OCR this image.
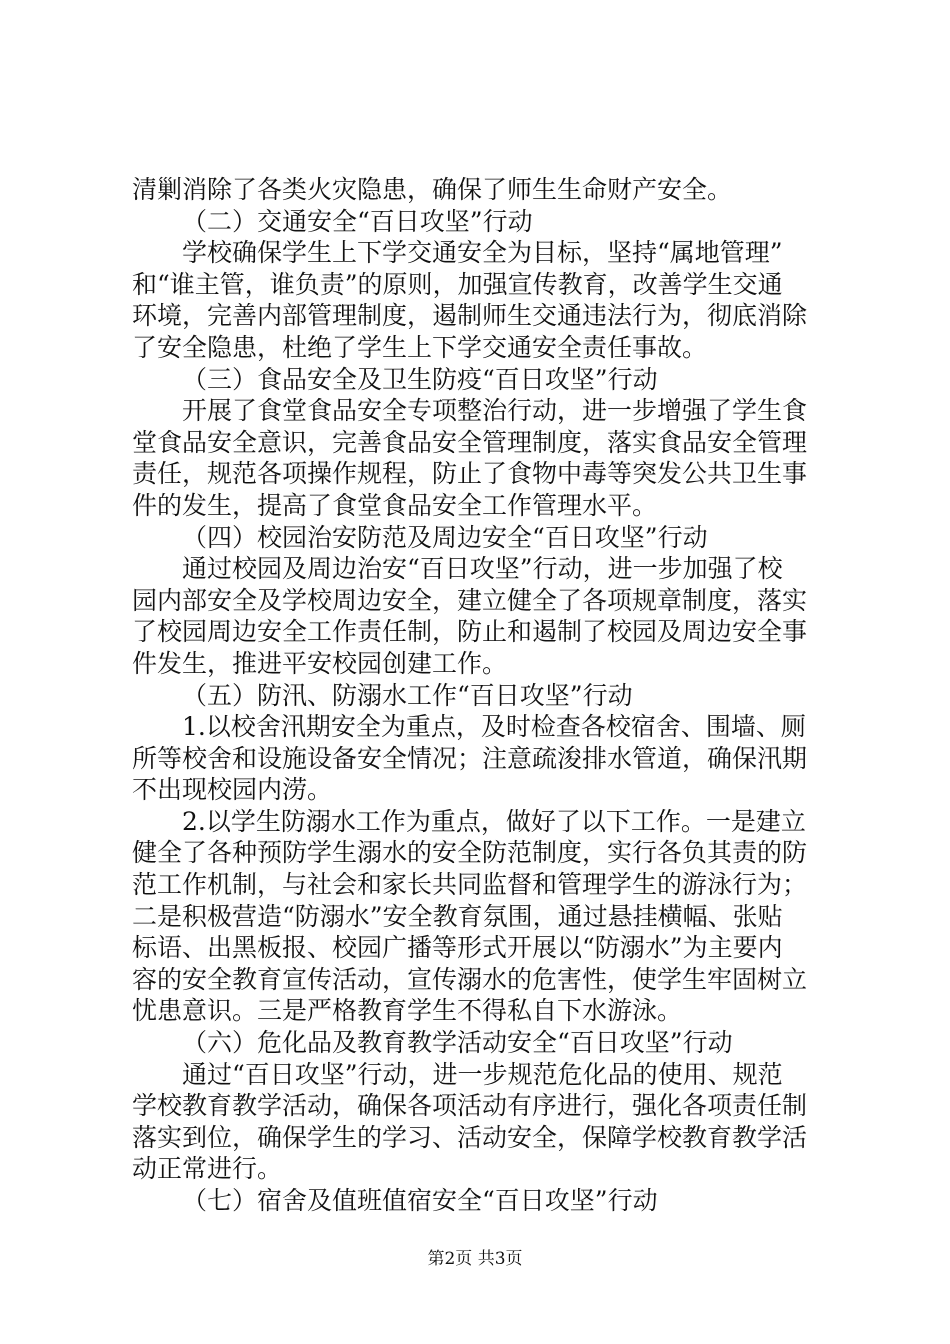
清剿消除了各类火灾隐患，确保了师生生命财产安全。
（二）交通安全“百日攻坚”行动
学校确保学生上下学交通安全为目标，坚持“属地管理”
和“谁主管，谁负责”的原则，加强宣传教育，改善学生交通
环境，完善内部管理制度，遏制师生交通违法行为，彻底消除
了安全隐患，杜绝了学生上下学交通安全责任事故。
（三）食品安全及卫生防疫“百日攻坚”行动
开展了食堂食品安全专项整治行动，进一步增强了学生食
堂食品安全意识，完善食品安全管理制度，落实食品安全管理
责任，规范各项操作规程，防止了食物中毒等突发公共卫生事
件的发生，提高了食堂食品安全工作管理水平。
（四）校园治安防范及周边安全“百日攻坚”行动
通过校园及周边治安“百日攻坚”行动，进一步加强了校
园内部安全及学校周边安全，建立健全了各项规章制度，落实
了校园周边安全工作责任制，防止和遏制了校园及周边安全事
件发生，推进平安校园创建工作。
（五）防汛、防溺水工作“百日攻坚”行动
1.以校舍汛期安全为重点，及时检查各校宿舍、围墙、厕
所等校舍和设施设备安全情况；注意疏浚排水管道，确保汛期
不出现校园内涝。
2.以学生防溺水工作为重点，做好了以下工作。一是建立
健全了各种预防学生溺水的安全防范制度，实行各负其责的防
范工作机制，与社会和家长共同监督和管理学生的游泳行为；
二是积极营造“防溺水”安全教育氛围，通过悬挂横幅、张贴
标语、出黑板报、校园广播等形式开展以“防溺水”为主要内
容的安全教育宣传活动，宣传溺水的危害性，使学生牢固树立
忧患意识。三是严格教育学生不得私自下水游泳。
（六）危化品及教育教学活动安全“百日攻坚”行动
通过“百日攻坚”行动，进一步规范危化品的使用、规范
学校教育教学活动，确保各项活动有序进行，强化各项责任制
落实到位，确保学生的学习、活动安全，保障学校教育教学活
动正常进行。
（七）宿舍及值班值宿安全“百日攻坚”行动
第2页 共3页
